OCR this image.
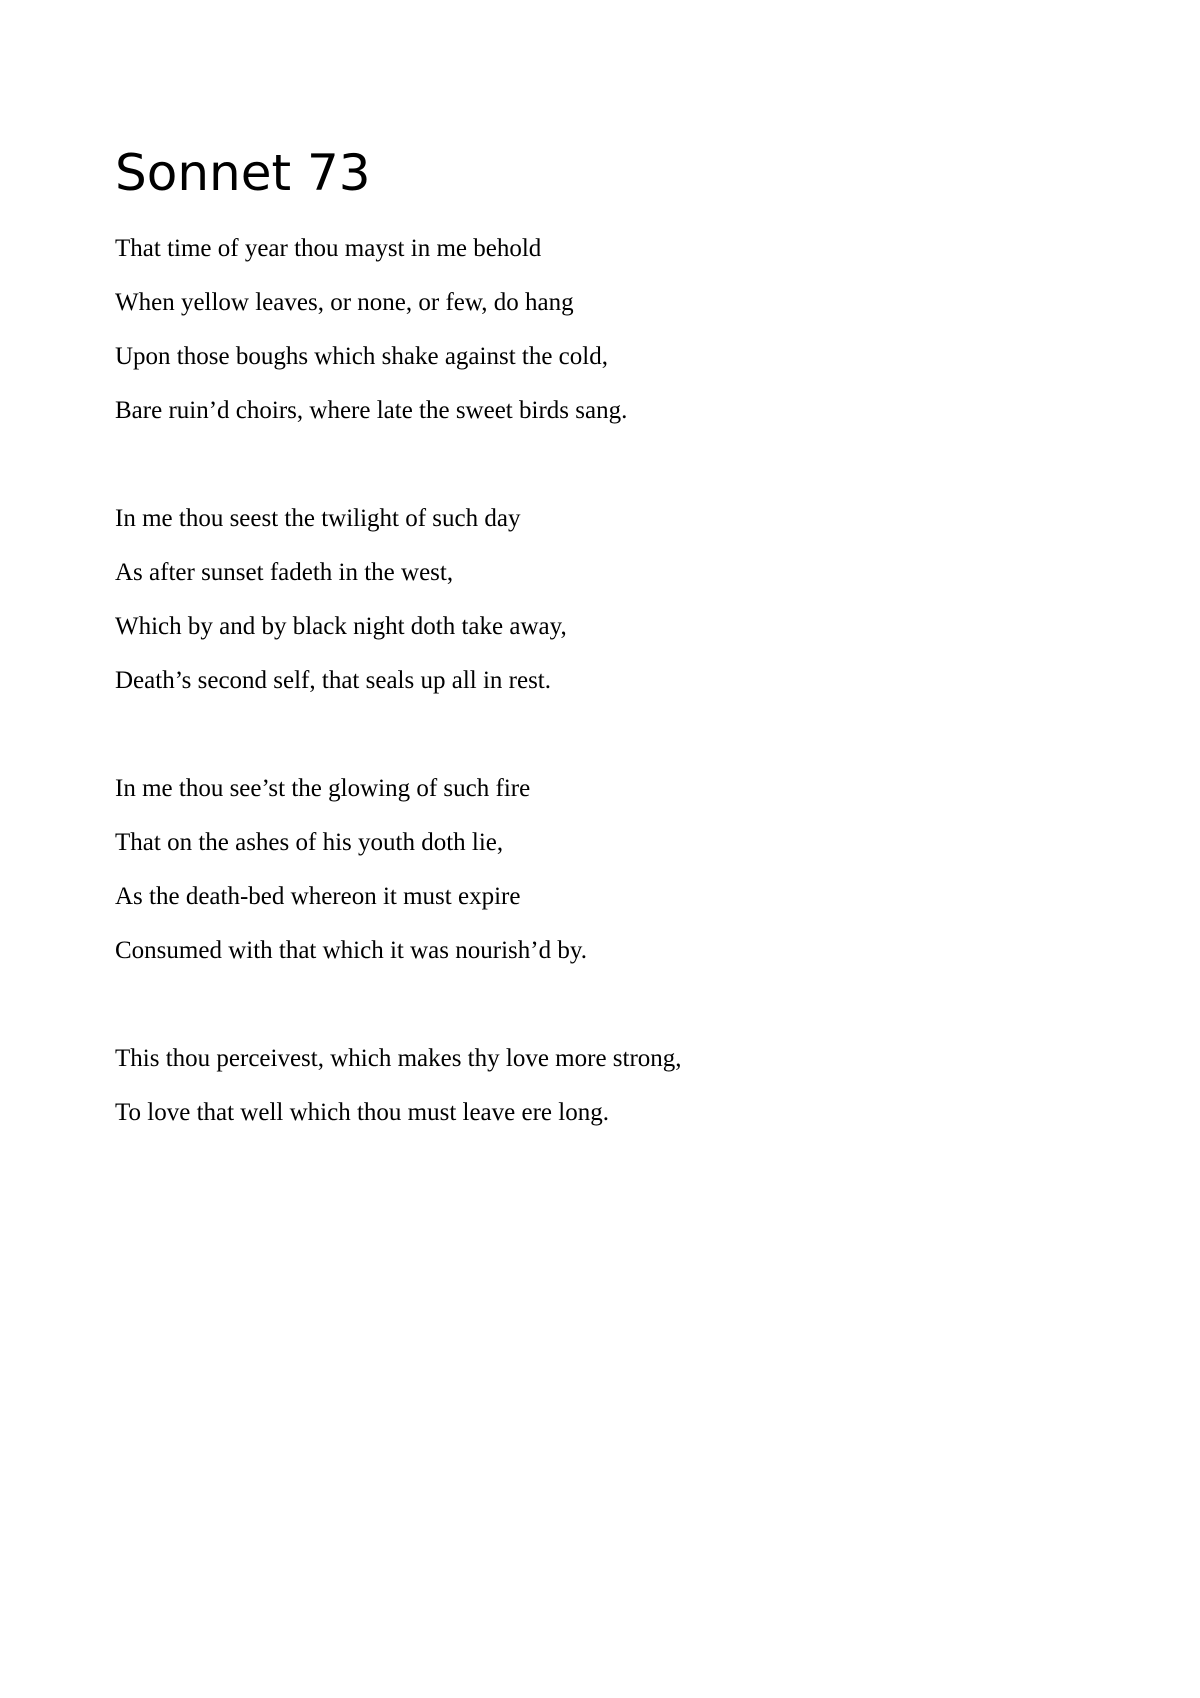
Sonnet 73
That time of year thou mayst in me behold
When yellow leaves, or none, or few, do hang
Upon those boughs which shake against the cold,
Bare ruin’d choirs, where late the sweet birds sang.
In me thou seest the twilight of such day
As after sunset fadeth in the west,
Which by and by black night doth take away,
Death’s second self, that seals up all in rest.
In me thou see’st the glowing of such fire
That on the ashes of his youth doth lie,
As the death-bed whereon it must expire
Consumed with that which it was nourish’d by.
This thou perceivest, which makes thy love more strong,
To love that well which thou must leave ere long.
